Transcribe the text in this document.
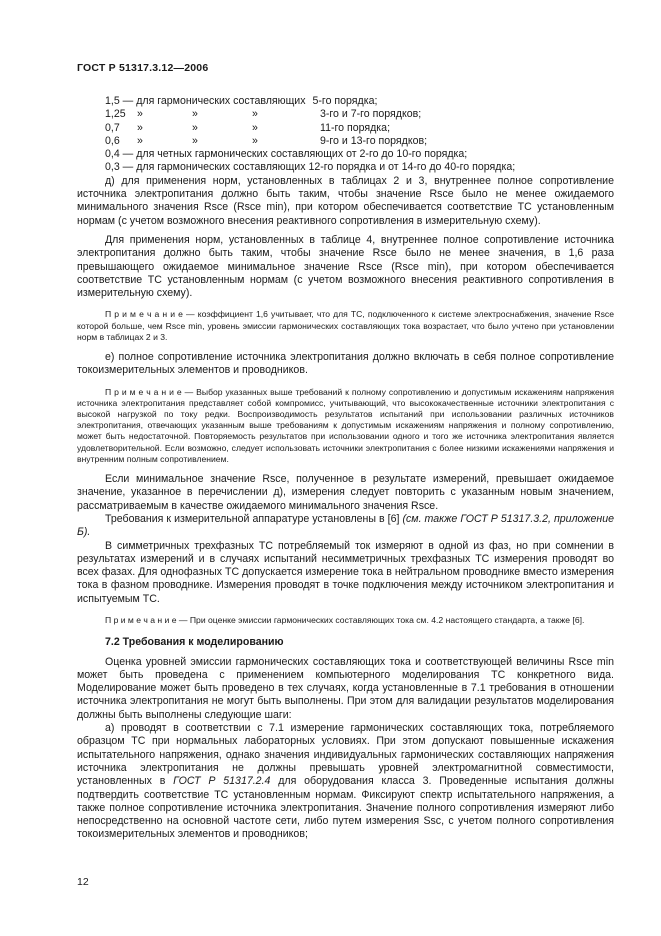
ГОСТ Р 51317.3.12—2006
1,5 — для гармонических составляющих 5-го порядка;
1,25	»	»	»	3-го и 7-го порядков;
0,7	»	»	»	11-го порядка;
0,6	»	»	»	9-го и 13-го порядков;
0,4 — для четных гармонических составляющих от 2-го до 10-го порядка;
0,3 — для гармонических составляющих 12-го порядка и от 14-го до 40-го порядка;

д) для применения норм, установленных в таблицах 2 и 3, внутреннее полное сопротивление источника электропитания должно быть таким, чтобы значение Rsce было не менее ожидаемого минимального значения Rsce (Rsce min), при котором обеспечивается соответствие ТС установленным нормам (с учетом возможного внесения реактивного сопротивления в измерительную схему).

Для применения норм, установленных в таблице 4, внутреннее полное сопротивление источника электропитания должно быть таким, чтобы значение Rsce было не менее значения, в 1,6 раза превышающего ожидаемое минимальное значение Rsce (Rsce min), при котором обеспечивается соответствие ТС установленным нормам (с учетом возможного внесения реактивного сопротивления в измерительную схему).

П р и м е ч а н и е — коэффициент 1,6 учитывает, что для ТС, подключенного к системе электроснабжения, значение Rsce которой больше, чем Rsce min, уровень эмиссии гармонических составляющих тока возрастает, что было учтено при установлении норм в таблицах 2 и 3.

е) полное сопротивление источника электропитания должно включать в себя полное сопротивление токоизмерительных элементов и проводников.

П р и м е ч а н и е — Выбор указанных выше требований к полному сопротивлению и допустимым искажениям напряжения источника электропитания представляет собой компромисс, учитывающий, что высококачественные источники электропитания с высокой нагрузкой по току редки. Воспроизводимость результатов испытаний при использовании различных источников электропитания, отвечающих указанным выше требованиям к допустимым искажениям напряжения и полному сопротивлению, может быть недостаточной. Повторяемость результатов при использовании одного и того же источника электропитания является удовлетворительной. Если возможно, следует использовать источники электропитания с более низкими искажениями напряжения и внутренним полным сопротивлением.

Если минимальное значение Rsce, полученное в результате измерений, превышает ожидаемое значение, указанное в перечислении д), измерения следует повторить с указанным новым значением, рассматриваемым в качестве ожидаемого минимального значения Rsce.

Требования к измерительной аппаратуре установлены в [6] (см. также ГОСТ Р 51317.3.2, приложение Б).

В симметричных трехфазных ТС потребляемый ток измеряют в одной из фаз, но при сомнении в результатах измерений и в случаях испытаний несимметричных трехфазных ТС измерения проводят во всех фазах. Для однофазных ТС допускается измерение тока в нейтральном проводнике вместо измерения тока в фазном проводнике. Измерения проводят в точке подключения между источником электропитания и испытуемым ТС.

П р и м е ч а н и е — При оценке эмиссии гармонических составляющих тока см. 4.2 настоящего стандарта, а также [6].
7.2 Требования к моделированию

Оценка уровней эмиссии гармонических составляющих тока и соответствующей величины Rsce min может быть проведена с применением компьютерного моделирования ТС конкретного вида. Моделирование может быть проведено в тех случаях, когда установленные в 7.1 требования в отношении источника электропитания не могут быть выполнены. При этом для валидации результатов моделирования должны быть выполнены следующие шаги:

а) проводят в соответствии с 7.1 измерение гармонических составляющих тока, потребляемого образцом ТС при нормальных лабораторных условиях. При этом допускают повышенные искажения испытательного напряжения, однако значения индивидуальных гармонических составляющих напряжения источника электропитания не должны превышать уровней электромагнитной совместимости, установленных в ГОСТ Р 51317.2.4 для оборудования класса 3. Проведенные испытания должны подтвердить соответствие ТС установленным нормам. Фиксируют спектр испытательного напряжения, а также полное сопротивление источника электропитания. Значение полного сопротивления измеряют либо непосредственно на основной частоте сети, либо путем измерения Ssc, с учетом полного сопротивления токоизмерительных элементов и проводников;

12
